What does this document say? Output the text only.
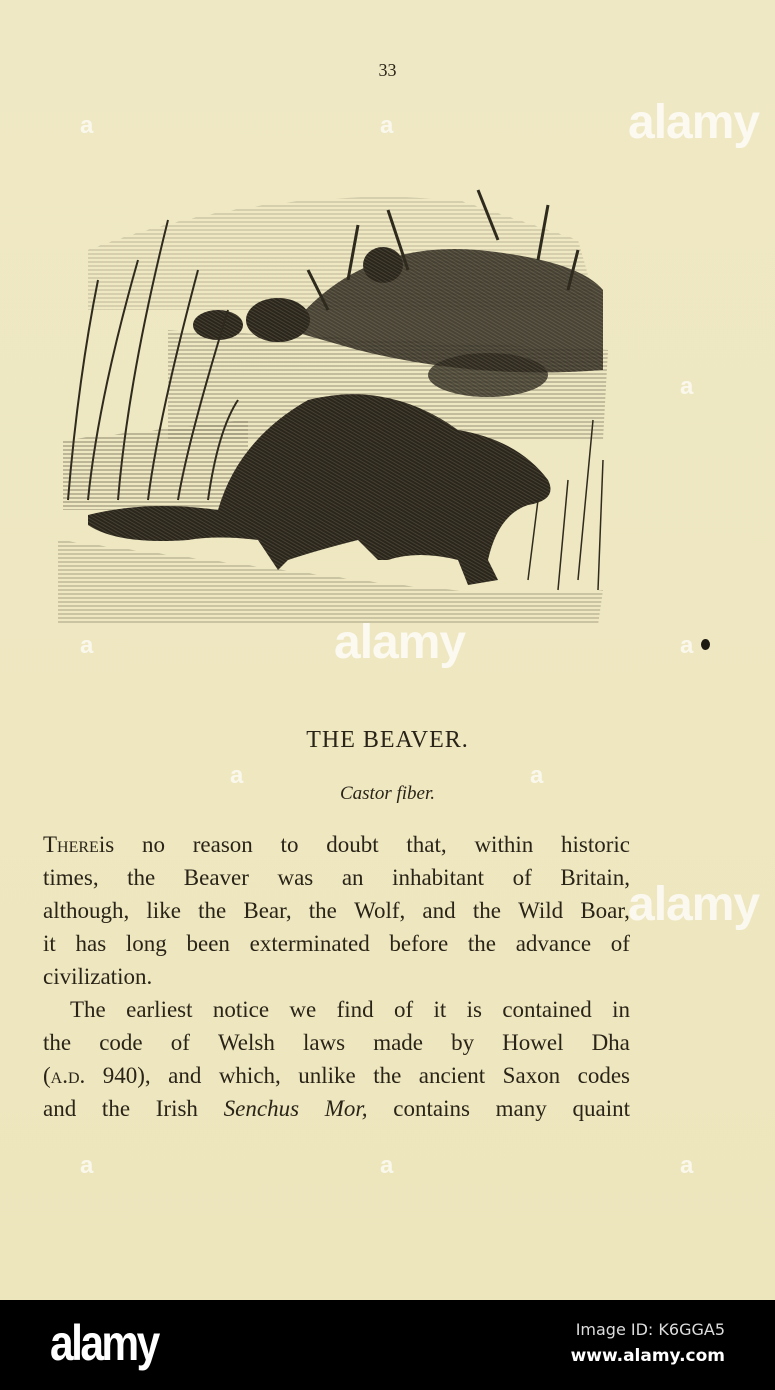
33
THE BEAVER.
Castor fiber.
There is no reason to doubt that, within historic
times, the Beaver was an inhabitant of Britain,
although, like the Bear, the Wolf, and the Wild Boar,
it has long been exterminated before the advance of
civilization.
The earliest notice we find of it is contained in
the code of Welsh laws made by Howel Dha
(a.d. 940), and which, unlike the ancient Saxon codes
and the Irish Senchus Mor, contains many quaint
alamy
alamy
alamy
a	a
a	a
a
a	a
a	a	a
alamy	Image ID: K6GGA5
www.alamy.com
